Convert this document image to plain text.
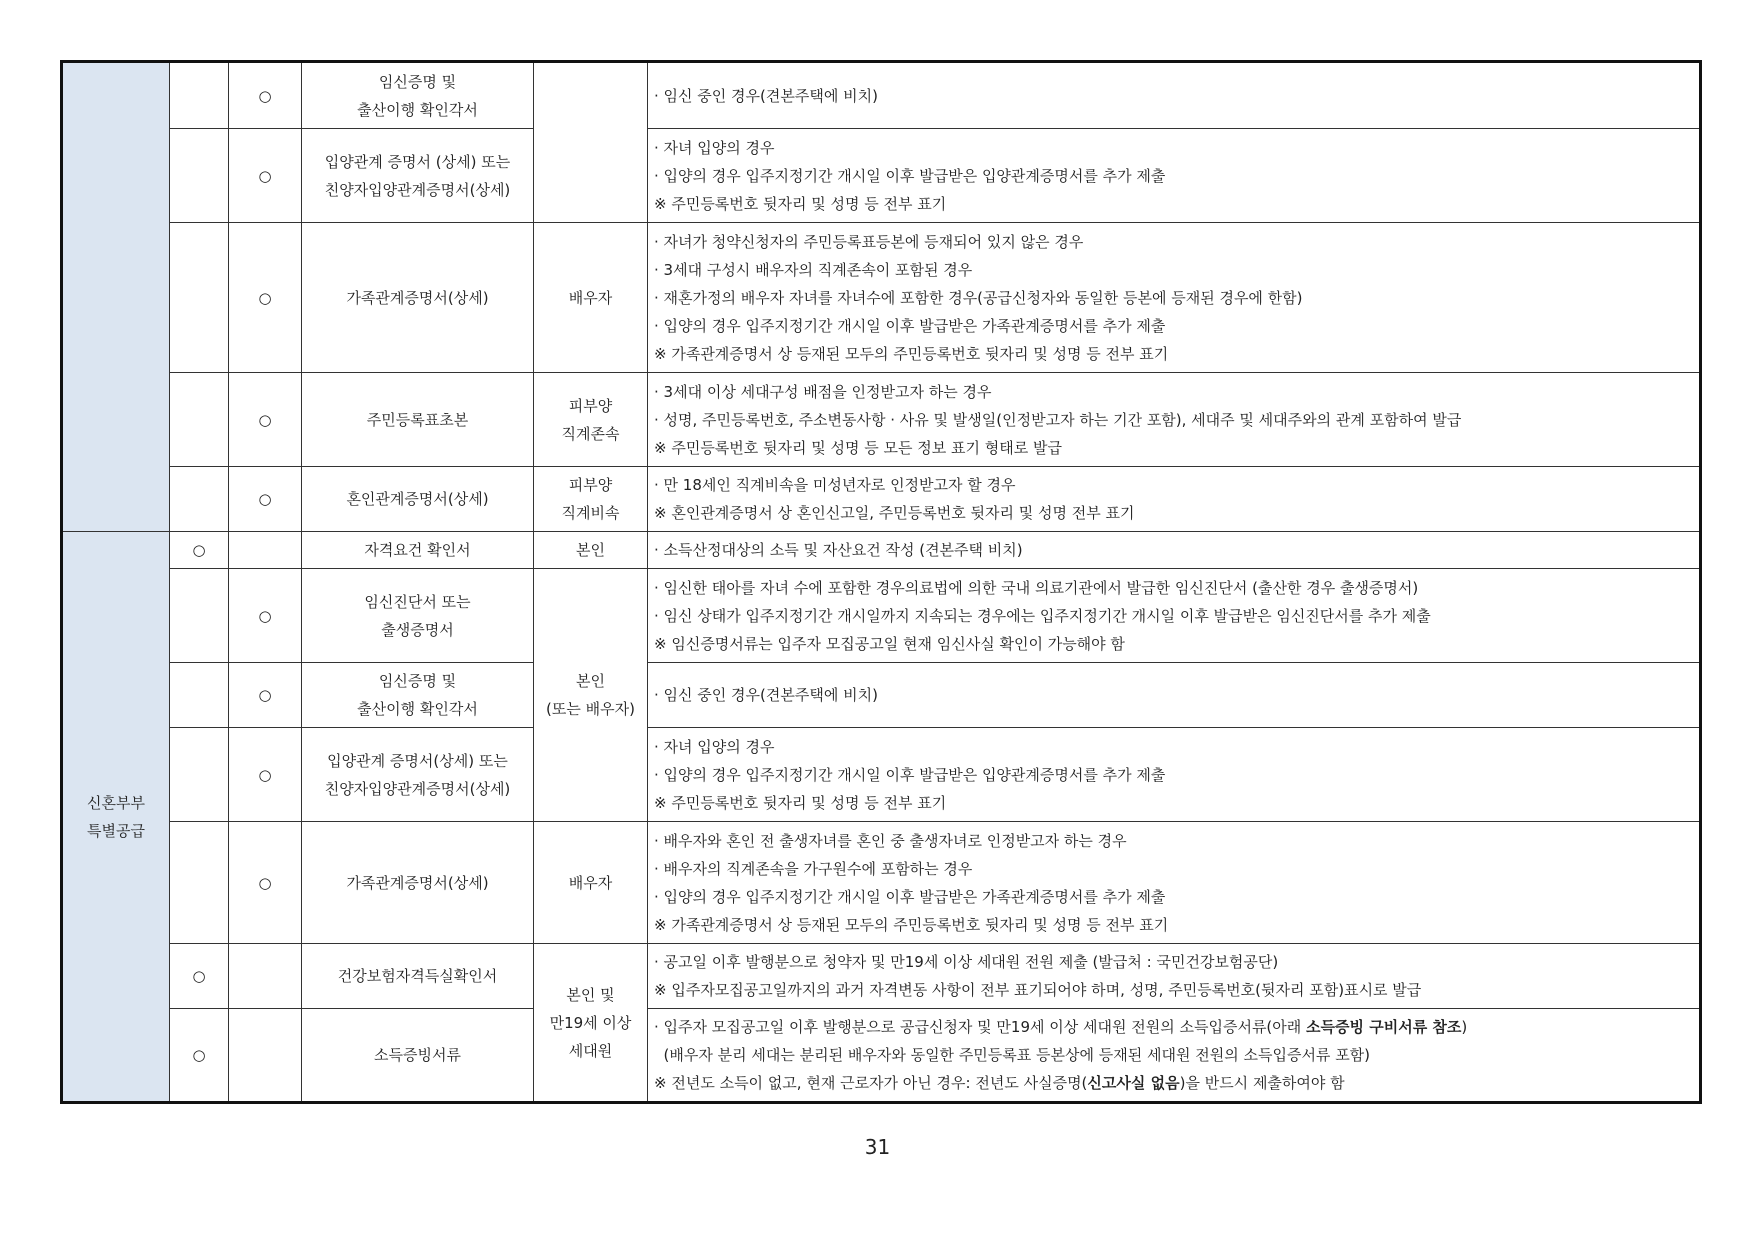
		○	임신증명 및
출산이행 확인각서		· 임신 중인 경우(견본주택에 비치)

		○	입양관계 증명서 (상세) 또는
친양자입양관계증명서(상세)		· 자녀 입양의 경우
· 입양의 경우 입주지정기간 개시일 이후 발급받은 입양관계증명서를 추가 제출
※ 주민등록번호 뒷자리 및 성명 등 전부 표기

		○	가족관계증명서(상세)	배우자	· 자녀가 청약신청자의 주민등록표등본에 등재되어 있지 않은 경우
· 3세대 구성시 배우자의 직계존속이 포함된 경우
· 재혼가정의 배우자 자녀를 자녀수에 포함한 경우(공급신청자와 동일한 등본에 등재된 경우에 한함)
· 입양의 경우 입주지정기간 개시일 이후 발급받은 가족관계증명서를 추가 제출
※ 가족관계증명서 상 등재된 모두의 주민등록번호 뒷자리 및 성명 등 전부 표기

		○	주민등록표초본	피부양
직계존속	· 3세대 이상 세대구성 배점을 인정받고자 하는 경우
· 성명, 주민등록번호, 주소변동사항 · 사유 및 발생일(인정받고자 하는 기간 포함), 세대주 및 세대주와의 관계 포함하여 발급
※ 주민등록번호 뒷자리 및 성명 등 모든 정보 표기 형태로 발급

		○	혼인관계증명서(상세)	피부양
직계비속	· 만 18세인 직계비속을 미성년자로 인정받고자 할 경우
※ 혼인관계증명서 상 혼인신고일, 주민등록번호 뒷자리 및 성명 전부 표기

신혼부부
특별공급	○		자격요건 확인서	본인	· 소득산정대상의 소득 및 자산요건 작성 (견본주택 비치)

		○	임신진단서 또는
출생증명서	본인
(또는 배우자)	· 임신한 태아를 자녀 수에 포함한 경우의료법에 의한 국내 의료기관에서 발급한 임신진단서 (출산한 경우 출생증명서)
· 임신 상태가 입주지정기간 개시일까지 지속되는 경우에는 입주지정기간 개시일 이후 발급받은 임신진단서를 추가 제출
※ 임신증명서류는 입주자 모집공고일 현재 임신사실 확인이 가능해야 함

		○	임신증명 및
출산이행 확인각서		· 임신 중인 경우(견본주택에 비치)

		○	입양관계 증명서(상세) 또는
친양자입양관계증명서(상세)		· 자녀 입양의 경우
· 입양의 경우 입주지정기간 개시일 이후 발급받은 입양관계증명서를 추가 제출
※ 주민등록번호 뒷자리 및 성명 등 전부 표기

		○	가족관계증명서(상세)	배우자	· 배우자와 혼인 전 출생자녀를 혼인 중 출생자녀로 인정받고자 하는 경우
· 배우자의 직계존속을 가구원수에 포함하는 경우
· 입양의 경우 입주지정기간 개시일 이후 발급받은 가족관계증명서를 추가 제출
※ 가족관계증명서 상 등재된 모두의 주민등록번호 뒷자리 및 성명 등 전부 표기

	○		건강보험자격득실확인서	본인 및
만19세 이상
세대원	· 공고일 이후 발행분으로 청약자 및 만19세 이상 세대원 전원 제출 (발급처 : 국민건강보험공단)
※ 입주자모집공고일까지의 과거 자격변동 사항이 전부 표기되어야 하며, 성명, 주민등록번호(뒷자리 포함)표시로 발급

	○		소득증빙서류		· 입주자 모집공고일 이후 발행분으로 공급신청자 및 만19세 이상 세대원 전원의 소득입증서류(아래 소득증빙 구비서류 참조)
(배우자 분리 세대는 분리된 배우자와 동일한 주민등록표 등본상에 등재된 세대원 전원의 소득입증서류 포함)
※ 전년도 소득이 없고, 현재 근로자가 아닌 경우: 전년도 사실증명(신고사실 없음)을 반드시 제출하여야 함
31
